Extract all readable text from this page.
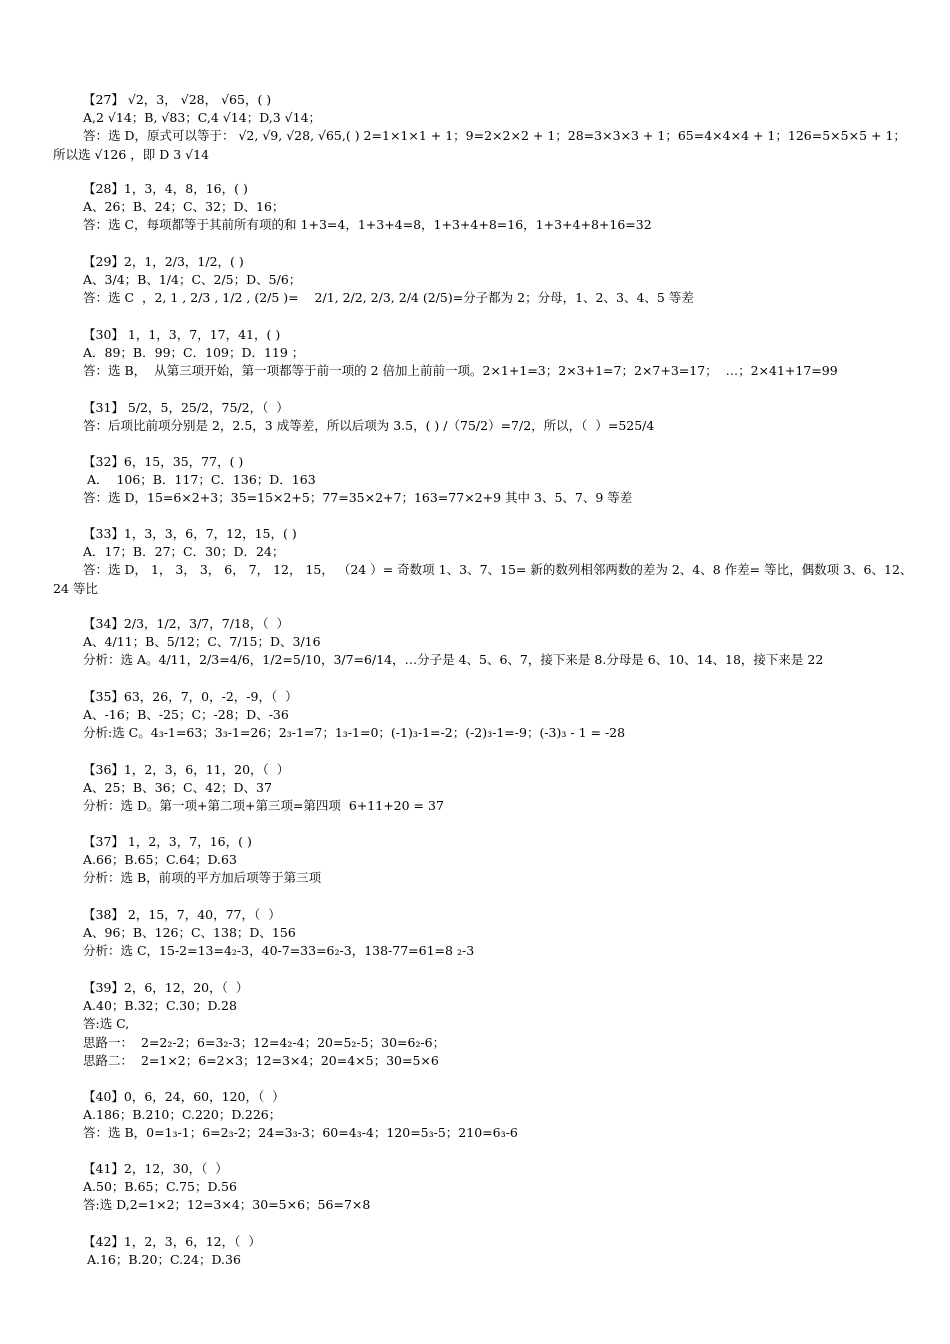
【27】 √2，3， √28， √65，( )
A,2 √14；B, √83；C,4 √14；D,3 √14；
答：选 D，原式可以等于： √2, √9, √28, √65,( ) 2=1×1×1 + 1；9=2×2×2 + 1；28=3×3×3 + 1；65=4×4×4 + 1；126=5×5×5 + 1；所以选 √126 ，即 D 3 √14
【28】1，3，4，8，16，( )
A、26；B、24；C、32；D、16；
答：选 C，每项都等于其前所有项的和 1+3=4，1+3+4=8，1+3+4+8=16，1+3+4+8+16=32
【29】2，1，2/3，1/2，( )
A、3/4；B、1/4；C、2/5；D、5/6；
答：选 C  ，2, 1 , 2/3 , 1/2 , (2/5 )=    2/1, 2/2, 2/3, 2/4 (2/5)=分子都为 2；分母，1、2、3、4、5 等差
【30】 1，1，3，7，17，41，( )
A．89；B．99；C．109；D．119 ；
答：选 B，  从第三项开始，第一项都等于前一项的 2 倍加上前前一项。2×1+1=3；2×3+1=7；2×7+3=17；  …；2×41+17=99
【31】 5/2，5，25/2，75/2，（  ）
答：后项比前项分别是 2，2.5，3 成等差，所以后项为 3.5，( ) /（75/2）=7/2，所以，（  ）=525/4
【32】6，15，35，77，( )
A．  106；B．117；C．136；D．163
答：选 D，15=6×2+3；35=15×2+5；77=35×2+7；163=77×2+9 其中 3、5、7、9 等差
【33】1，3，3，6，7，12，15，( )
A．17；B．27；C．30；D．24；
答：选 D， 1， 3， 3， 6， 7， 12， 15， （24 ）= 奇数项 1、3、7、15= 新的数列相邻两数的差为 2、4、8 作差= 等比，偶数项 3、6、12、24 等比
【34】2/3，1/2，3/7，7/18，（  ）
A、4/11；B、5/12；C、7/15；D、3/16
分析：选 A。4/11，2/3=4/6，1/2=5/10，3/7=6/14，…分子是 4、5、6、7，接下来是 8.分母是 6、10、14、18，接下来是 22
【35】63，26，7，0，-2，-9，（  ）
A、-16；B、-25；C；-28；D、-36
分析:选 C。4₃-1=63；3₃-1=26；2₃-1=7；1₃-1=0；(-1)₃-1=-2；(-2)₃-1=-9；(-3)₃ - 1 = -28
【36】1，2，3，6，11，20，（  ）
A、25；B、36；C、42；D、37
分析：选 D。第一项+第二项+第三项=第四项  6+11+20 = 37
【37】 1，2，3，7，16，( )
A.66；B.65；C.64；D.63
分析：选 B，前项的平方加后项等于第三项
【38】 2，15，7，40，77，（  ）
A、96；B、126；C、138；D、156
分析：选 C，15-2=13=4₂-3，40-7=33=6₂-3，138-77=61=8 ₂-3
【39】2，6，12，20，（  ）
A.40；B.32；C.30；D.28
答:选 C,
思路一：  2=2₂-2；6=3₂-3；12=4₂-4；20=5₂-5；30=6₂-6；
思路二：  2=1×2；6=2×3；12=3×4；20=4×5；30=5×6
【40】0，6，24，60，120，（  ）
A.186；B.210；C.220；D.226；
答：选 B，0=1₃-1；6=2₃-2；24=3₃-3；60=4₃-4；120=5₃-5；210=6₃-6
【41】2，12，30，（  ）
A.50；B.65；C.75；D.56
答:选 D,2=1×2；12=3×4；30=5×6；56=7×8
【42】1，2，3，6，12，（  ）
A.16；B.20；C.24；D.36
